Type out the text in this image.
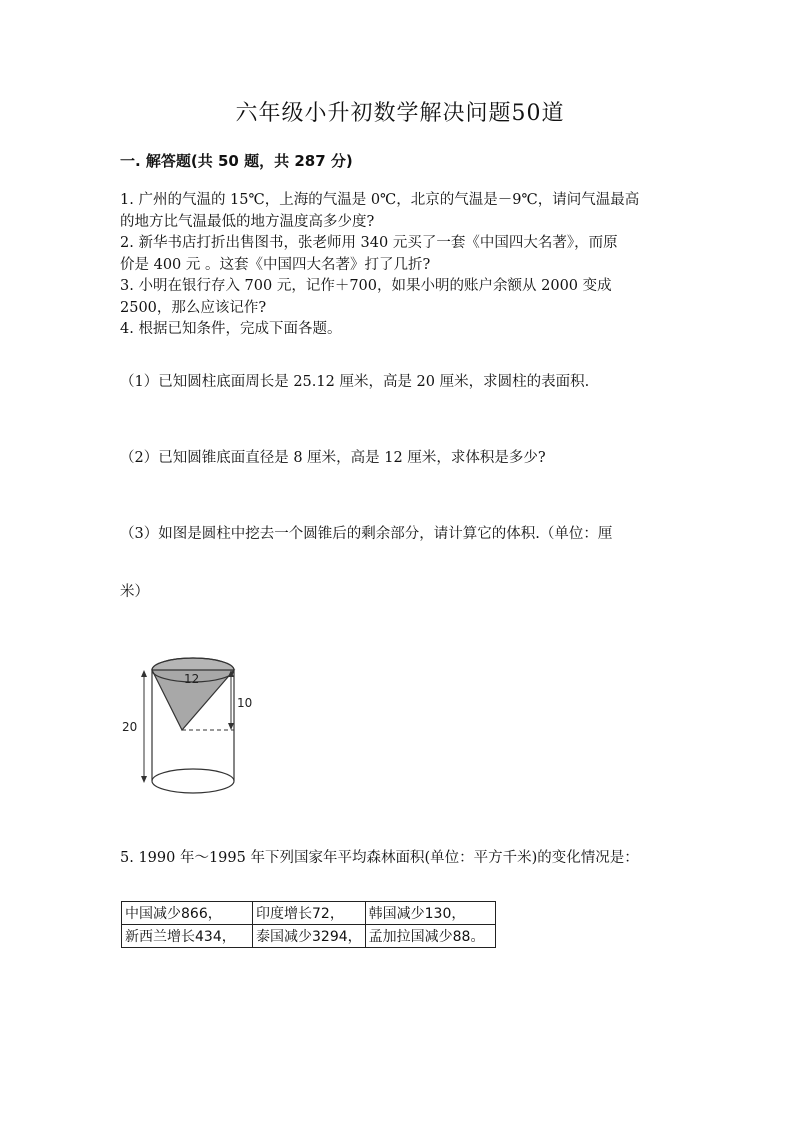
六年级小升初数学解决问题50道
一. 解答题(共 50 题，共 287 分)
1. 广州的气温的 15℃，上海的气温是 0℃，北京的气温是－9℃，请问气温最高
的地方比气温最低的地方温度高多少度?
2. 新华书店打折出售图书，张老师用 340 元买了一套《中国四大名著》，而原
价是 400 元 。这套《中国四大名著》打了几折?
3. 小明在银行存入 700 元，记作＋700，如果小明的账户余额从 2000 变成
2500，那么应该记作?
4. 根据已知条件，完成下面各题。
（1）已知圆柱底面周长是 25.12 厘米，高是 20 厘米，求圆柱的表面积.
（2）已知圆锥底面直径是 8 厘米，高是 12 厘米，求体积是多少?
（3）如图是圆柱中挖去一个圆锥后的剩余部分，请计算它的体积.（单位：厘
米）
12
10
20
5. 1990 年～1995 年下列国家年平均森林面积(单位：平方千米)的变化情况是：
中国减少866，	印度增长72，	韩国减少130，
新西兰增长434，	泰国减少3294，	孟加拉国减少88。
